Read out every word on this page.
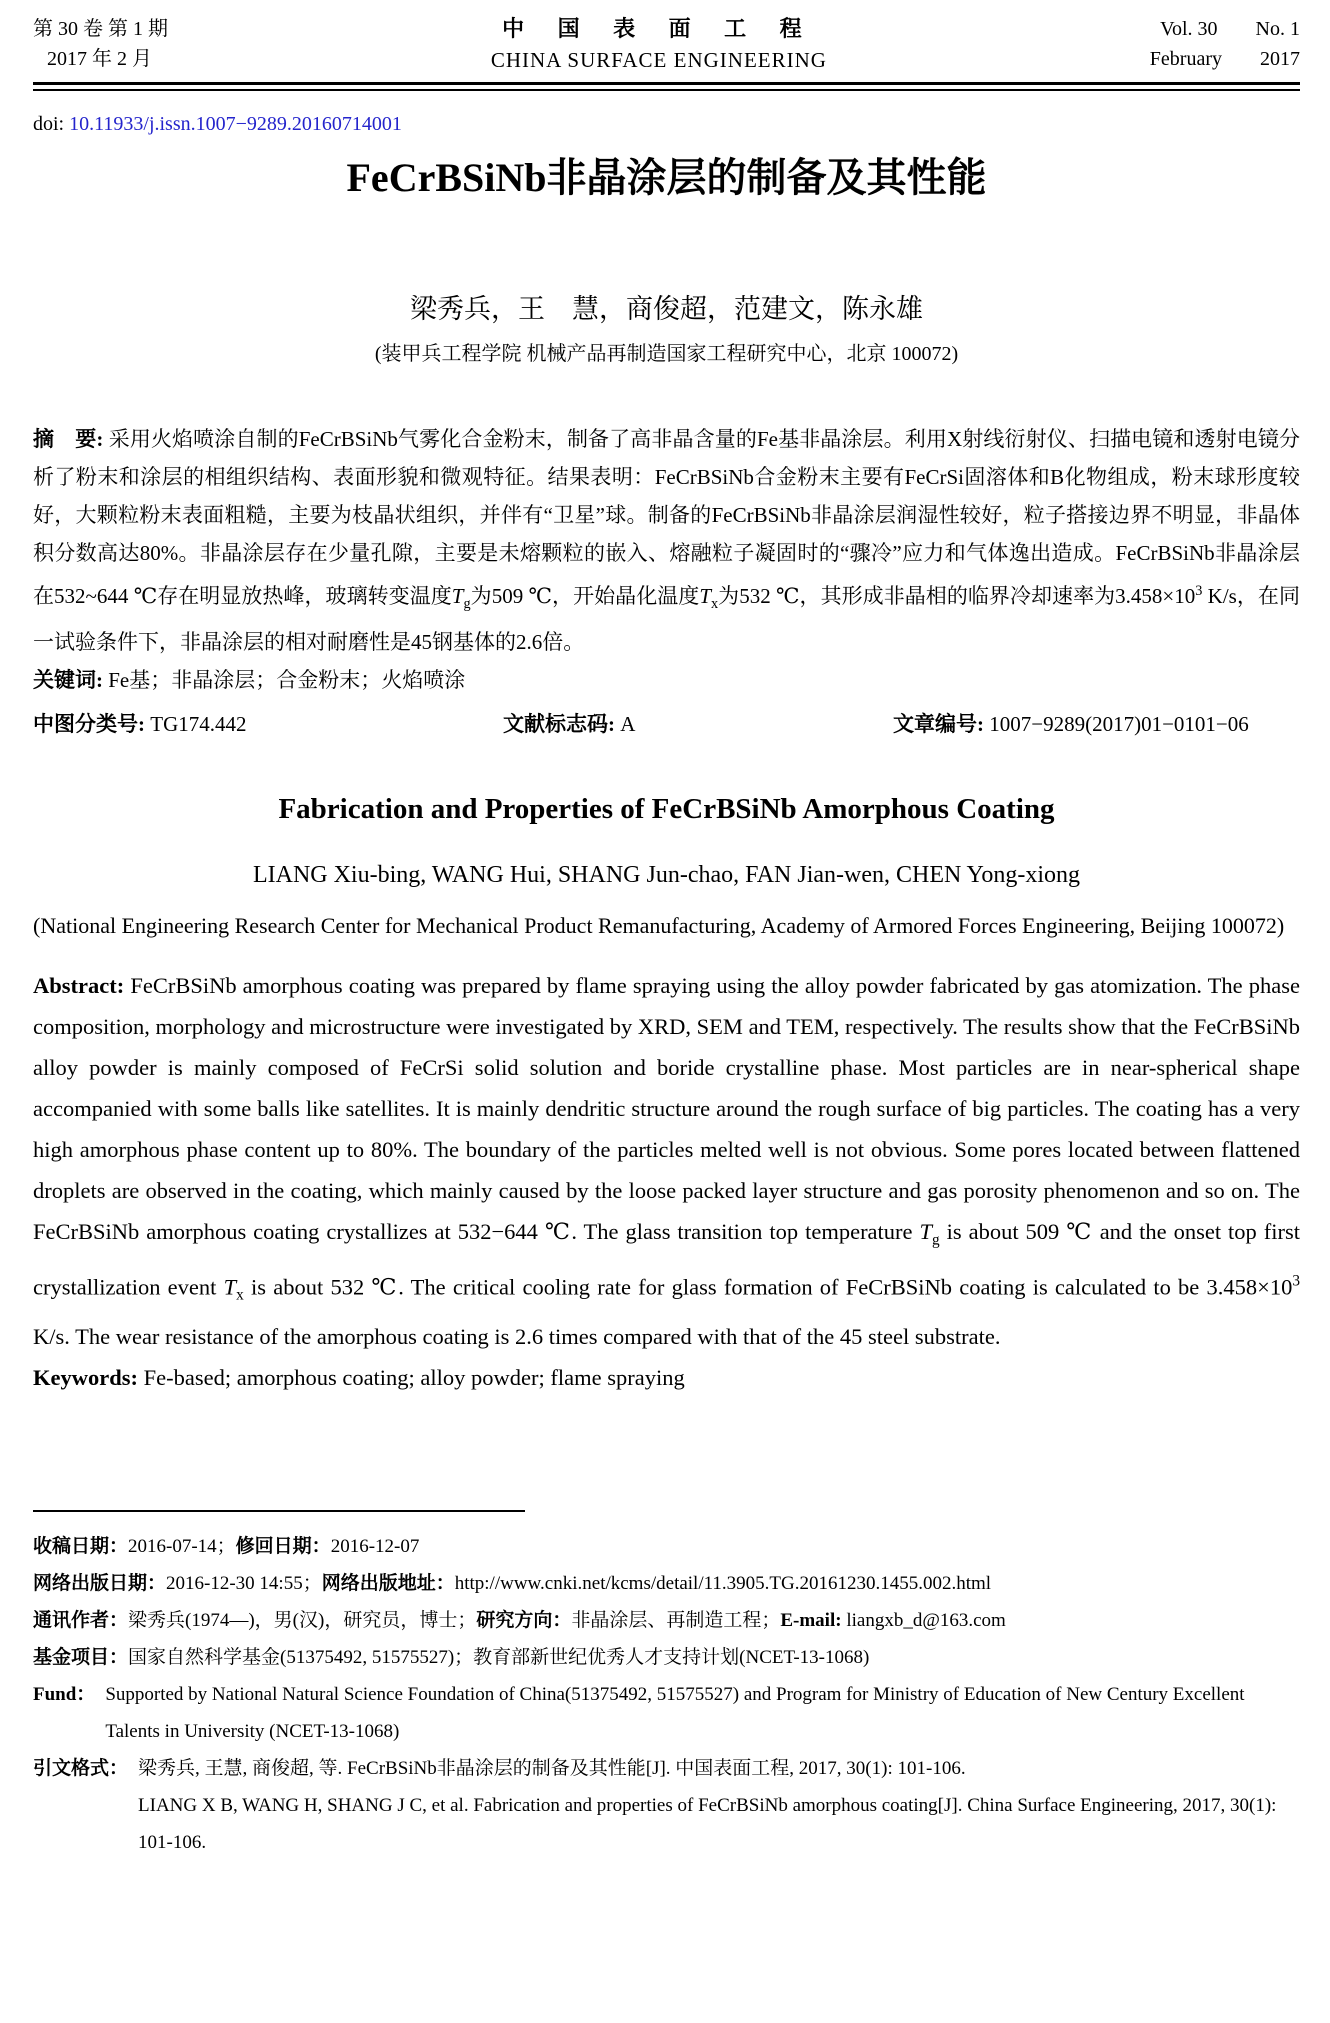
第 30 卷 第 1 期
2017 年 2 月
中 国 表 面 工 程
CHINA SURFACE ENGINEERING
Vol. 30 No. 1
February 2017
doi: 10.11933/j.issn.1007−9289.20160714001
FeCrBSiNb非晶涂层的制备及其性能
梁秀兵，王　慧，商俊超，范建文，陈永雄
(装甲兵工程学院 机械产品再制造国家工程研究中心，北京 100072)

摘　要: 采用火焰喷涂自制的FeCrBSiNb气雾化合金粉末，制备了高非晶含量的Fe基非晶涂层。利用X射线衍射仪、扫描电镜和透射电镜分析了粉末和涂层的相组织结构、表面形貌和微观特征。结果表明：FeCrBSiNb合金粉末主要有FeCrSi固溶体和B化物组成，粉末球形度较好，大颗粒粉末表面粗糙，主要为枝晶状组织，并伴有“卫星”球。制备的FeCrBSiNb非晶涂层润湿性较好，粒子搭接边界不明显，非晶体积分数高达80%。非晶涂层存在少量孔隙，主要是未熔颗粒的嵌入、熔融粒子凝固时的“骤冷”应力和气体逸出造成。FeCrBSiNb非晶涂层在532~644 ℃存在明显放热峰，玻璃转变温度$T_g$为509 ℃，开始晶化温度$T_x$为532 ℃，其形成非晶相的临界冷却速率为$3.458\times 10^3$ K/s，在同一试验条件下，非晶涂层的相对耐磨性是45钢基体的2.6倍。

关键词: Fe基；非晶涂层；合金粉末；火焰喷涂

中图分类号: TG174.442	文献标志码: A	文章编号: 1007−9289(2017)01−0101−06
Fabrication and Properties of FeCrBSiNb Amorphous Coating
LIANG Xiu-bing, WANG Hui, SHANG Jun-chao, FAN Jian-wen, CHEN Yong-xiong

(National Engineering Research Center for Mechanical Product Remanufacturing, Academy of Armored Forces Engineering, Beijing 100072)

Abstract: FeCrBSiNb amorphous coating was prepared by flame spraying using the alloy powder fabricated by gas atomization. The phase composition, morphology and microstructure were investigated by XRD, SEM and TEM, respectively. The results show that the FeCrBSiNb alloy powder is mainly composed of FeCrSi solid solution and boride crystalline phase. Most particles are in near-spherical shape accompanied with some balls like satellites. It is mainly dendritic structure around the rough surface of big particles. The coating has a very high amorphous phase content up to 80%. The boundary of the particles melted well is not obvious. Some pores located between flattened droplets are observed in the coating, which mainly caused by the loose packed layer structure and gas porosity phenomenon and so on. The FeCrBSiNb amorphous coating crystallizes at 532−644 ℃. The glass transition top temperature $T_g$ is about 509 ℃ and the onset top first crystallization event $T_x$ is about 532 ℃. The critical cooling rate for glass formation of FeCrBSiNb coating is calculated to be $3.458\times 10^3$ K/s. The wear resistance of the amorphous coating is 2.6 times compared with that of the 45 steel substrate.

Keywords: Fe-based; amorphous coating; alloy powder; flame spraying

收稿日期：2016-07-14；修回日期：2016-12-07

网络出版日期：2016-12-30 14:55；网络出版地址：http://www.cnki.net/kcms/detail/11.3905.TG.20161230.1455.002.html

通讯作者：梁秀兵(1974—)，男(汉)，研究员，博士；研究方向：非晶涂层、再制造工程；E-mail: liangxb_d@163.com

基金项目：国家自然科学基金(51375492, 51575527)；教育部新世纪优秀人才支持计划(NCET-13-1068)

Fund： Supported by National Natural Science Foundation of China(51375492, 51575527) and Program for Ministry of Education of New Century Excellent Talents in University (NCET-13-1068)
引文格式： 梁秀兵, 王慧, 商俊超, 等. FeCrBSiNb非晶涂层的制备及其性能[J]. 中国表面工程, 2017, 30(1): 101-106.

LIANG X B, WANG H, SHANG J C, et al. Fabrication and properties of FeCrBSiNb amorphous coating[J]. China Surface Engineering, 2017, 30(1): 101-106.
